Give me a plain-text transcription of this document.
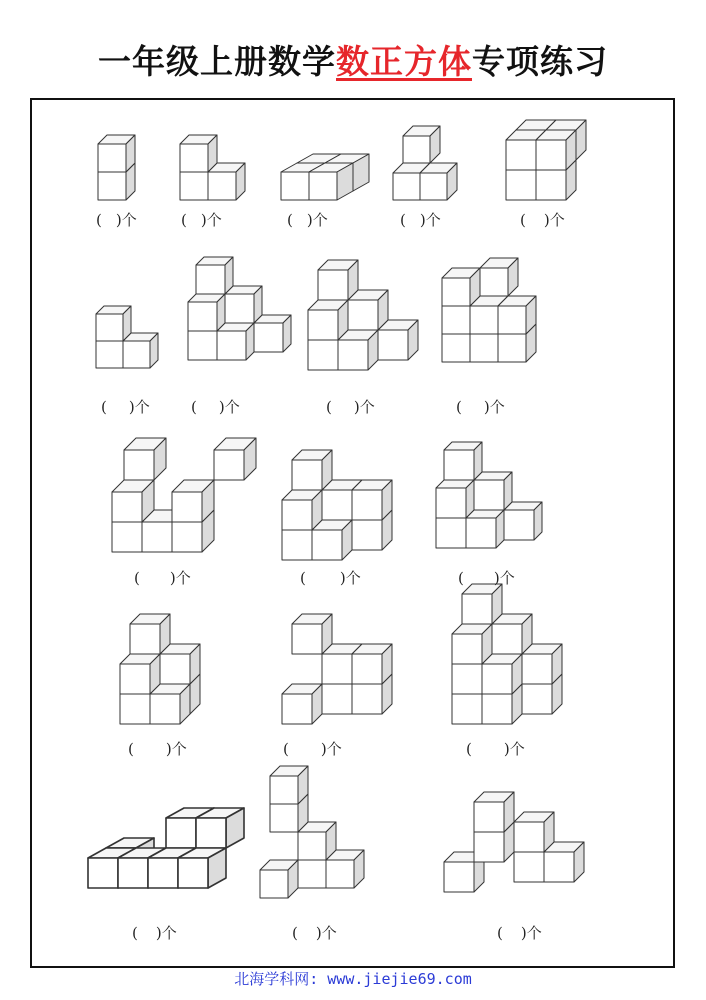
一年级上册数学数正方体专项练习
( )个	( )个	( )个	( )个	( )个
( )个	( )个	( )个	( )个
( )个	( )个	( )个
( )个	( )个	( )个
( )个	( )个	( )个
北海学科网: www.jiejie69.com
